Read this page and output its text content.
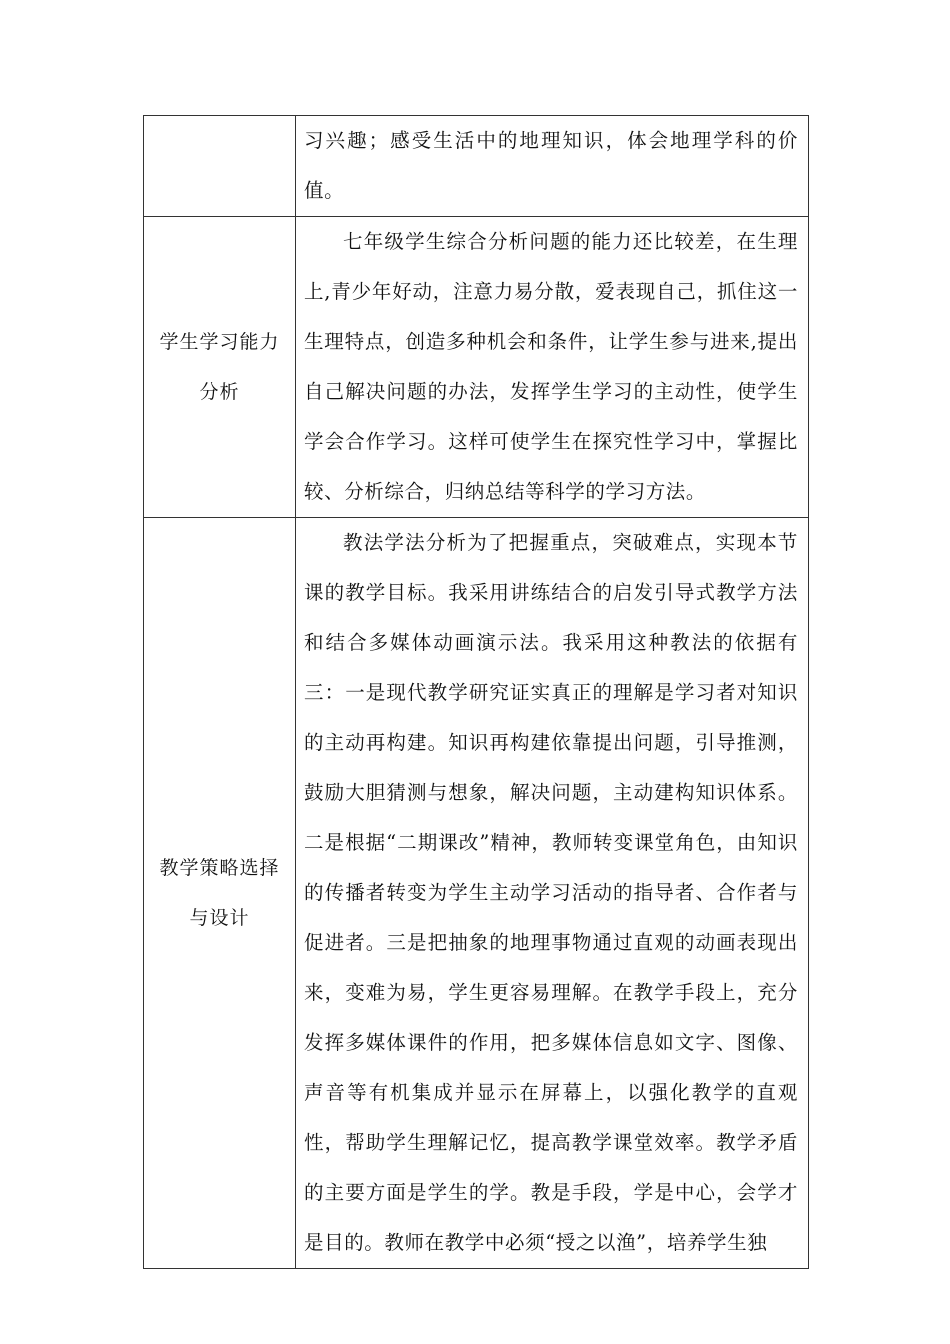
	习兴趣；感受生活中的地理知识，体会地理学科的价值。

学生学习能力分析	七年级学生综合分析问题的能力还比较差，在生理上,青少年好动，注意力易分散，爱表现自己，抓住这一生理特点，创造多种机会和条件，让学生参与进来,提出自己解决问题的办法，发挥学生学习的主动性，使学生学会合作学习。这样可使学生在探究性学习中，掌握比较、分析综合，归纳总结等科学的学习方法。

教学策略选择与设计	教法学法分析为了把握重点，突破难点，实现本节课的教学目标。我采用讲练结合的启发引导式教学方法和结合多媒体动画演示法。我采用这种教法的依据有三：一是现代教学研究证实真正的理解是学习者对知识的主动再构建。知识再构建依靠提出问题，引导推测，鼓励大胆猜测与想象，解决问题，主动建构知识体系。二是根据“二期课改”精神，教师转变课堂角色，由知识的传播者转变为学生主动学习活动的指导者、合作者与促进者。三是把抽象的地理事物通过直观的动画表现出来，变难为易，学生更容易理解。在教学手段上，充分发挥多媒体课件的作用，把多媒体信息如文字、图像、声音等有机集成并显示在屏幕上，以强化教学的直观性，帮助学生理解记忆，提高教学课堂效率。教学矛盾的主要方面是学生的学。教是手段，学是中心，会学才是目的。教师在教学中必须“授之以渔”，培养学生独
